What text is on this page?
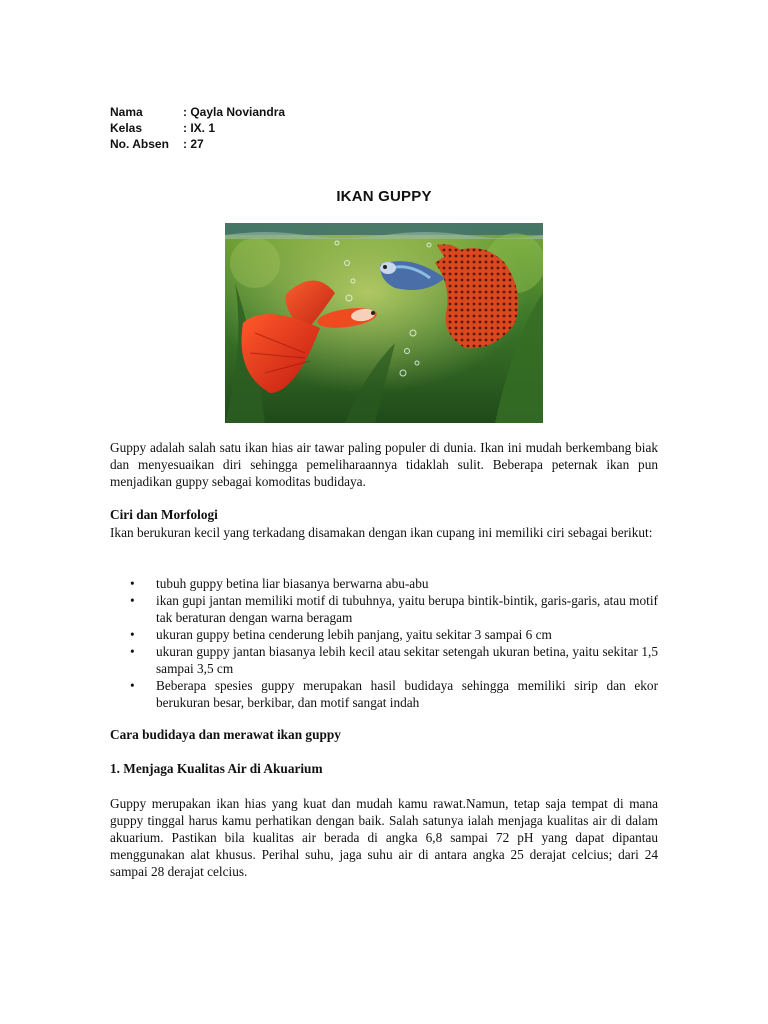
Nama	: Qayla Noviandra
Kelas	: IX. 1
No. Absen	: 27
IKAN GUPPY
Guppy adalah salah satu ikan hias air tawar paling populer di dunia. Ikan ini mudah berkembang biak dan menyesuaikan diri sehingga pemeliharaannya tidaklah sulit. Beberapa peternak ikan pun menjadikan guppy sebagai komoditas budidaya.
Ciri dan Morfologi
Ikan berukuran kecil yang terkadang disamakan dengan ikan cupang ini memiliki ciri sebagai berikut:
• tubuh guppy betina liar biasanya berwarna abu-abu
• ikan gupi jantan memiliki motif di tubuhnya, yaitu berupa bintik-bintik, garis-garis, atau motif tak beraturan dengan warna beragam
• ukuran guppy betina cenderung lebih panjang, yaitu sekitar 3 sampai 6 cm
• ukuran guppy jantan biasanya lebih kecil atau sekitar setengah ukuran betina, yaitu sekitar 1,5 sampai 3,5 cm
• Beberapa spesies guppy merupakan hasil budidaya sehingga memiliki sirip dan ekor berukuran besar, berkibar, dan motif sangat indah
Cara budidaya dan merawat ikan guppy
1. Menjaga Kualitas Air di Akuarium
Guppy merupakan ikan hias yang kuat dan mudah kamu rawat.Namun, tetap saja tempat di mana guppy tinggal harus kamu perhatikan dengan baik. Salah satunya ialah menjaga kualitas air di dalam akuarium. Pastikan bila kualitas air berada di angka 6,8 sampai 72 pH yang dapat dipantau menggunakan alat khusus. Perihal suhu, jaga suhu air di antara angka 25 derajat celcius; dari 24 sampai 28 derajat celcius.
